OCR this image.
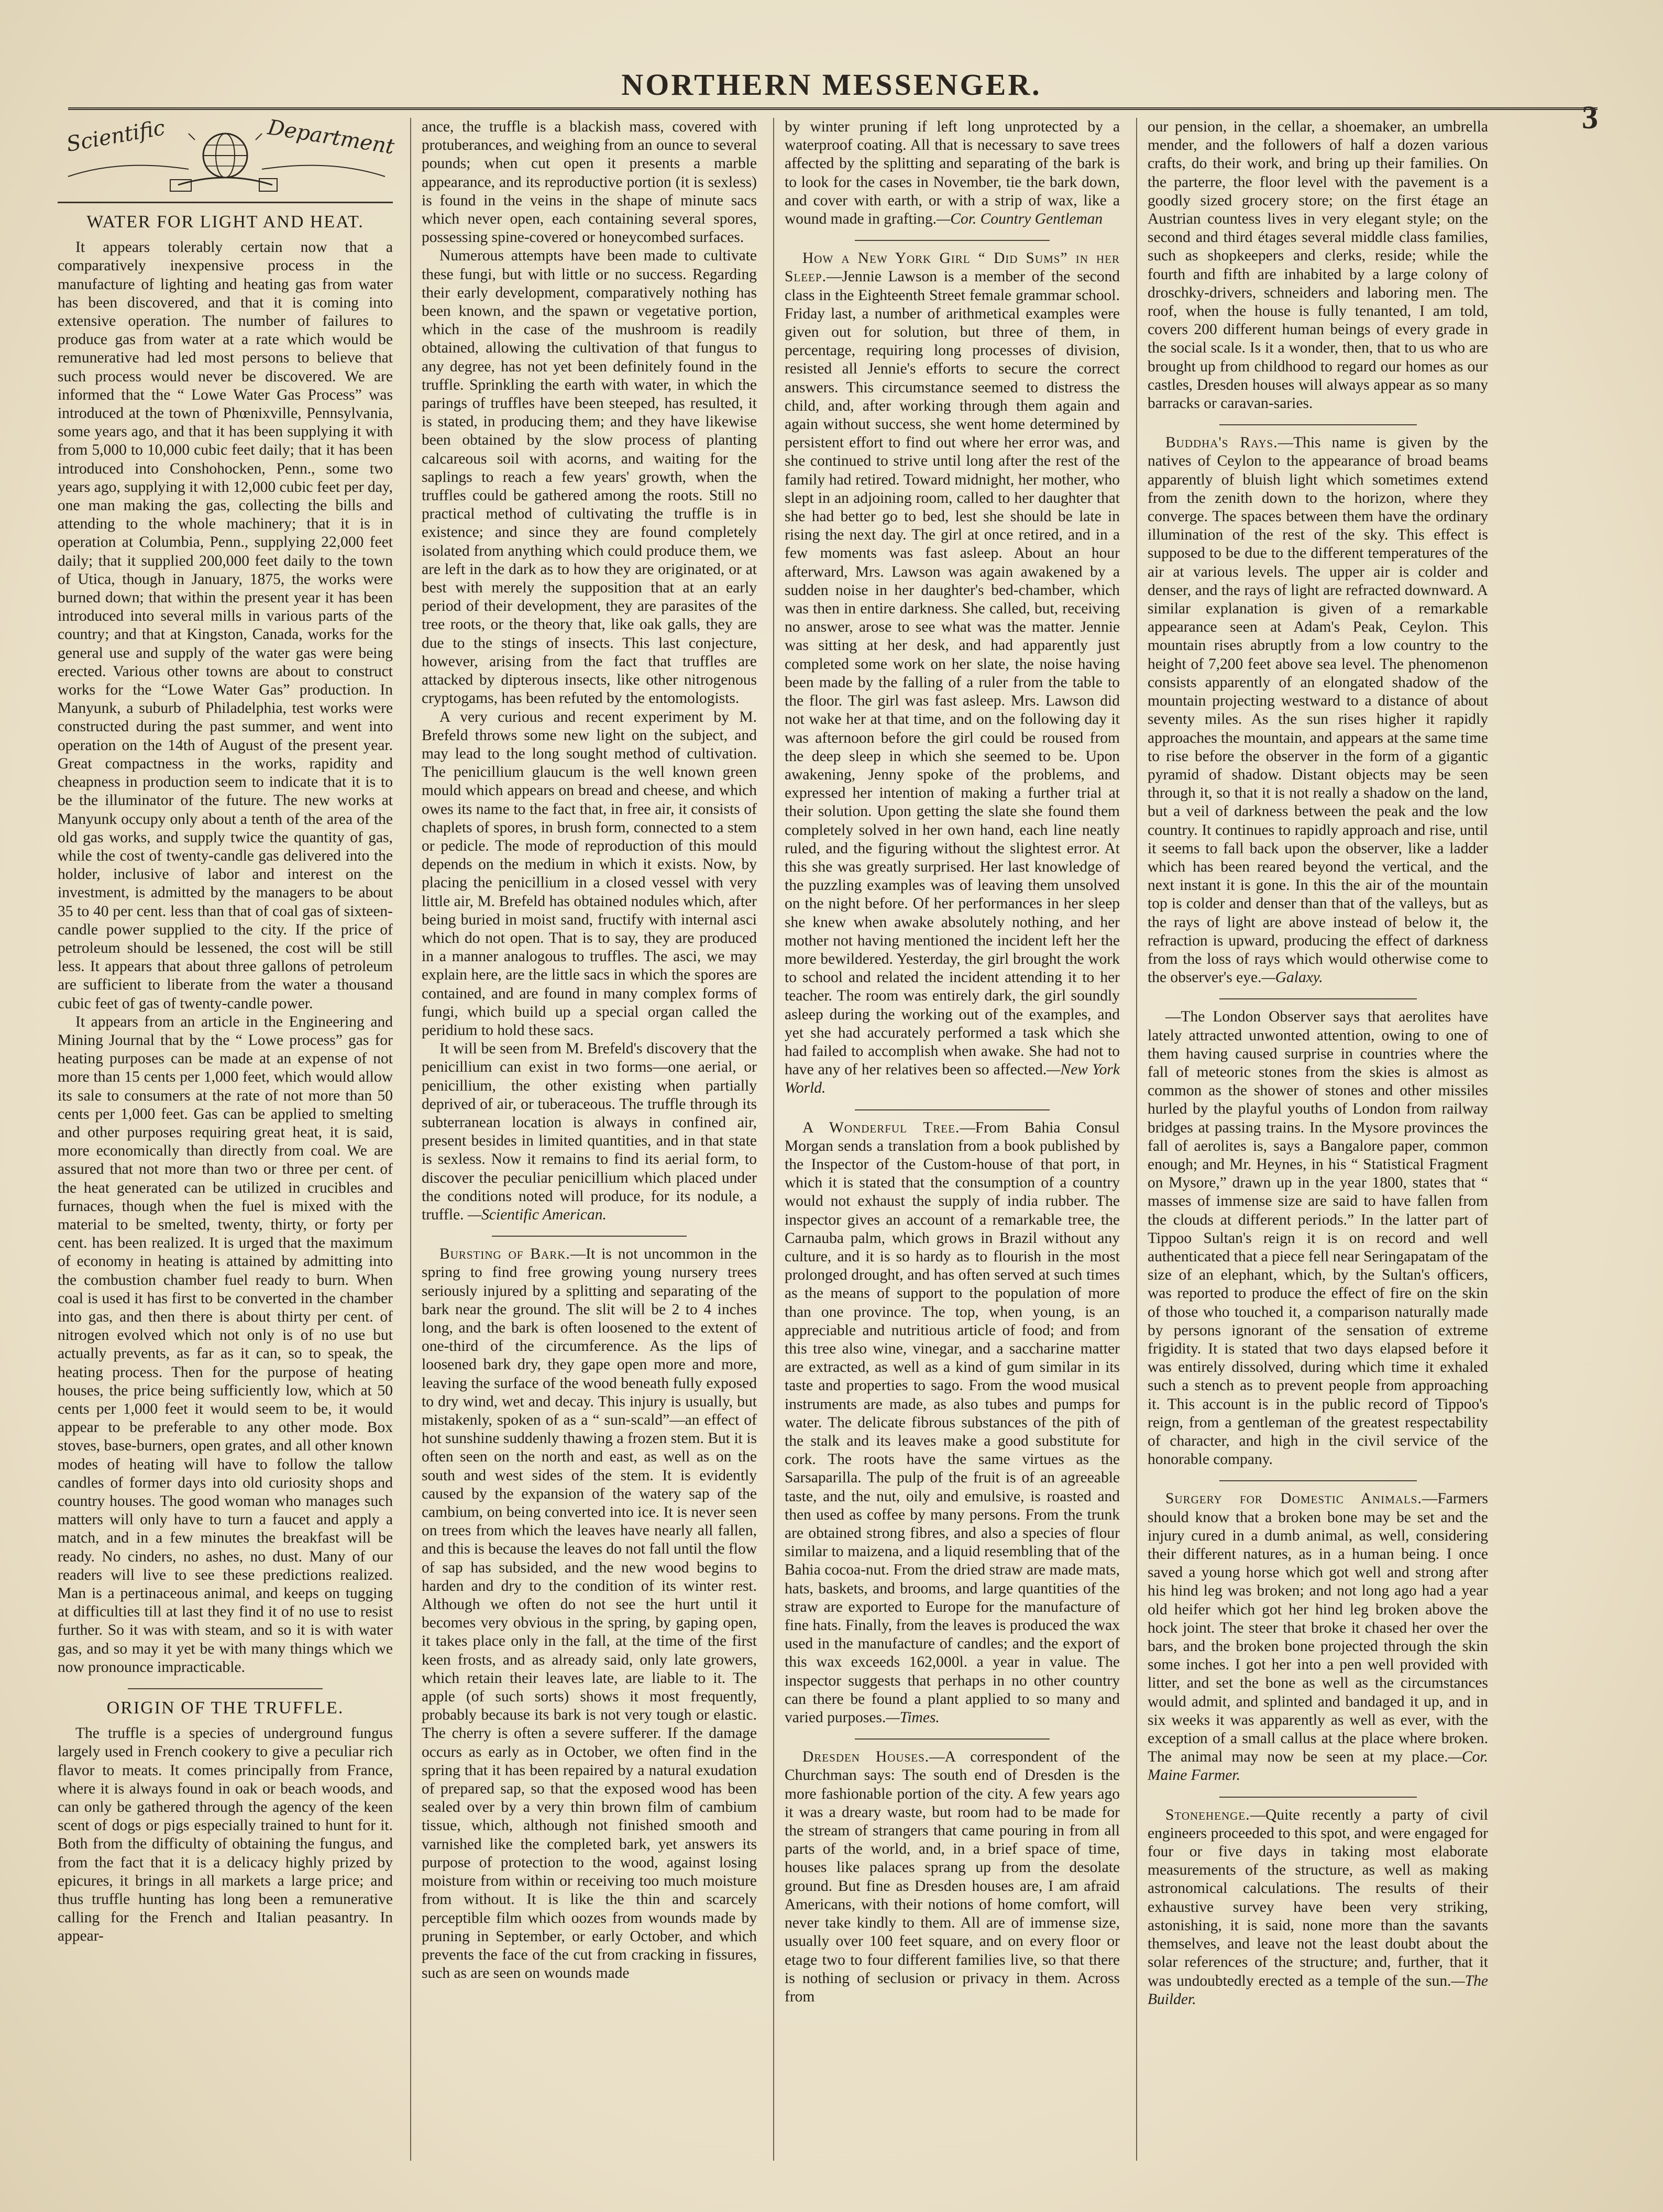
NORTHERN MESSENGER.
3
Scientific	Department
WATER FOR LIGHT AND HEAT.

It appears tolerably certain now that a comparatively inexpensive process in the manufacture of lighting and heating gas from water has been discovered, and that it is coming into extensive operation. The number of failures to produce gas from water at a rate which would be remunerative had led most persons to believe that such process would never be discovered. We are informed that the “ Lowe Water Gas Process” was introduced at the town of Phœnixville, Pennsylvania, some years ago, and that it has been supplying it with from 5,000 to 10,000 cubic feet daily; that it has been introduced into Conshohocken, Penn., some two years ago, supplying it with 12,000 cubic feet per day, one man making the gas, collecting the bills and attending to the whole machinery; that it is in operation at Columbia, Penn., supplying 22,000 feet daily; that it supplied 200,000 feet daily to the town of Utica, though in January, 1875, the works were burned down; that within the present year it has been introduced into several mills in various parts of the country; and that at Kingston, Canada, works for the general use and supply of the water gas were being erected. Various other towns are about to construct works for the “Lowe Water Gas” production. In Manyunk, a suburb of Philadelphia, test works were constructed during the past summer, and went into operation on the 14th of August of the present year. Great compactness in the works, rapidity and cheapness in production seem to indicate that it is to be the illuminator of the future. The new works at Manyunk occupy only about a tenth of the area of the old gas works, and supply twice the quantity of gas, while the cost of twenty-candle gas delivered into the holder, inclusive of labor and interest on the investment, is admitted by the managers to be about 35 to 40 per cent. less than that of coal gas of sixteen-candle power supplied to the city. If the price of petroleum should be lessened, the cost will be still less. It appears that about three gallons of petroleum are sufficient to liberate from the water a thousand cubic feet of gas of twenty-candle power.

It appears from an article in the Engineering and Mining Journal that by the “ Lowe process” gas for heating purposes can be made at an expense of not more than 15 cents per 1,000 feet, which would allow its sale to consumers at the rate of not more than 50 cents per 1,000 feet. Gas can be applied to smelting and other purposes requiring great heat, it is said, more economically than directly from coal. We are assured that not more than two or three per cent. of the heat generated can be utilized in crucibles and furnaces, though when the fuel is mixed with the material to be smelted, twenty, thirty, or forty per cent. has been realized. It is urged that the maximum of economy in heating is attained by admitting into the combustion chamber fuel ready to burn. When coal is used it has first to be converted in the chamber into gas, and then there is about thirty per cent. of nitrogen evolved which not only is of no use but actually prevents, as far as it can, so to speak, the heating process. Then for the purpose of heating houses, the price being sufficiently low, which at 50 cents per 1,000 feet it would seem to be, it would appear to be preferable to any other mode. Box stoves, base-burners, open grates, and all other known modes of heating will have to follow the tallow candles of former days into old curiosity shops and country houses. The good woman who manages such matters will only have to turn a faucet and apply a match, and in a few minutes the breakfast will be ready. No cinders, no ashes, no dust. Many of our readers will live to see these predictions realized. Man is a pertinaceous animal, and keeps on tugging at difficulties till at last they find it of no use to resist further. So it was with steam, and so it is with water gas, and so may it yet be with many things which we now pronounce impracticable.

ORIGIN OF THE TRUFFLE.

The truffle is a species of underground fungus largely used in French cookery to give a peculiar rich flavor to meats. It comes principally from France, where it is always found in oak or beach woods, and can only be gathered through the agency of the keen scent of dogs or pigs especially trained to hunt for it. Both from the difficulty of obtaining the fungus, and from the fact that it is a delicacy highly prized by epicures, it brings in all markets a large price; and thus truffle hunting has long been a remunerative calling for the French and Italian peasantry. In appear-

ance, the truffle is a blackish mass, covered with protuberances, and weighing from an ounce to several pounds; when cut open it presents a marble appearance, and its reproductive portion (it is sexless) is found in the veins in the shape of minute sacs which never open, each containing several spores, possessing spine-covered or honeycombed surfaces.

Numerous attempts have been made to cultivate these fungi, but with little or no success. Regarding their early development, comparatively nothing has been known, and the spawn or vegetative portion, which in the case of the mushroom is readily obtained, allowing the cultivation of that fungus to any degree, has not yet been definitely found in the truffle. Sprinkling the earth with water, in which the parings of truffles have been steeped, has resulted, it is stated, in producing them; and they have likewise been obtained by the slow process of planting calcareous soil with acorns, and waiting for the saplings to reach a few years' growth, when the truffles could be gathered among the roots. Still no practical method of cultivating the truffle is in existence; and since they are found completely isolated from anything which could produce them, we are left in the dark as to how they are originated, or at best with merely the supposition that at an early period of their development, they are parasites of the tree roots, or the theory that, like oak galls, they are due to the stings of insects. This last conjecture, however, arising from the fact that truffles are attacked by dipterous insects, like other nitrogenous cryptogams, has been refuted by the entomologists.

A very curious and recent experiment by M. Brefeld throws some new light on the subject, and may lead to the long sought method of cultivation. The penicillium glaucum is the well known green mould which appears on bread and cheese, and which owes its name to the fact that, in free air, it consists of chaplets of spores, in brush form, connected to a stem or pedicle. The mode of reproduction of this mould depends on the medium in which it exists. Now, by placing the penicillium in a closed vessel with very little air, M. Brefeld has obtained nodules which, after being buried in moist sand, fructify with internal asci which do not open. That is to say, they are produced in a manner analogous to truffles. The asci, we may explain here, are the little sacs in which the spores are contained, and are found in many complex forms of fungi, which build up a special organ called the peridium to hold these sacs.

It will be seen from M. Brefeld's discovery that the penicillium can exist in two forms—one aerial, or penicillium, the other existing when partially deprived of air, or tuberaceous. The truffle through its subterranean location is always in confined air, present besides in limited quantities, and in that state is sexless. Now it remains to find its aerial form, to discover the peculiar penicillium which placed under the conditions noted will produce, for its nodule, a truffle. —Scientific American.

Bursting of Bark.—It is not uncommon in the spring to find free growing young nursery trees seriously injured by a splitting and separating of the bark near the ground. The slit will be 2 to 4 inches long, and the bark is often loosened to the extent of one-third of the circumference. As the lips of loosened bark dry, they gape open more and more, leaving the surface of the wood beneath fully exposed to dry wind, wet and decay. This injury is usually, but mistakenly, spoken of as a “ sun-scald”—an effect of hot sunshine suddenly thawing a frozen stem. But it is often seen on the north and east, as well as on the south and west sides of the stem. It is evidently caused by the expansion of the watery sap of the cambium, on being converted into ice. It is never seen on trees from which the leaves have nearly all fallen, and this is because the leaves do not fall until the flow of sap has subsided, and the new wood begins to harden and dry to the condition of its winter rest. Although we often do not see the hurt until it becomes very obvious in the spring, by gaping open, it takes place only in the fall, at the time of the first keen frosts, and as already said, only late growers, which retain their leaves late, are liable to it. The apple (of such sorts) shows it most frequently, probably because its bark is not very tough or elastic. The cherry is often a severe sufferer. If the damage occurs as early as in October, we often find in the spring that it has been repaired by a natural exudation of prepared sap, so that the exposed wood has been sealed over by a very thin brown film of cambium tissue, which, although not finished smooth and varnished like the completed bark, yet answers its purpose of protection to the wood, against losing moisture from within or receiving too much moisture from without. It is like the thin and scarcely perceptible film which oozes from wounds made by pruning in September, or early October, and which prevents the face of the cut from cracking in fissures, such as are seen on wounds made

by winter pruning if left long unprotected by a waterproof coating. All that is necessary to save trees affected by the splitting and separating of the bark is to look for the cases in November, tie the bark down, and cover with earth, or with a strip of wax, like a wound made in grafting.—Cor. Country Gentleman

How a New York Girl “ Did Sums” in her Sleep.—Jennie Lawson is a member of the second class in the Eighteenth Street female grammar school. Friday last, a number of arithmetical examples were given out for solution, but three of them, in percentage, requiring long processes of division, resisted all Jennie's efforts to secure the correct answers. This circumstance seemed to distress the child, and, after working through them again and again without success, she went home determined by persistent effort to find out where her error was, and she continued to strive until long after the rest of the family had retired. Toward midnight, her mother, who slept in an adjoining room, called to her daughter that she had better go to bed, lest she should be late in rising the next day. The girl at once retired, and in a few moments was fast asleep. About an hour afterward, Mrs. Lawson was again awakened by a sudden noise in her daughter's bed-chamber, which was then in entire darkness. She called, but, receiving no answer, arose to see what was the matter. Jennie was sitting at her desk, and had apparently just completed some work on her slate, the noise having been made by the falling of a ruler from the table to the floor. The girl was fast asleep. Mrs. Lawson did not wake her at that time, and on the following day it was afternoon before the girl could be roused from the deep sleep in which she seemed to be. Upon awakening, Jenny spoke of the problems, and expressed her intention of making a further trial at their solution. Upon getting the slate she found them completely solved in her own hand, each line neatly ruled, and the figuring without the slightest error. At this she was greatly surprised. Her last knowledge of the puzzling examples was of leaving them unsolved on the night before. Of her performances in her sleep she knew when awake absolutely nothing, and her mother not having mentioned the incident left her the more bewildered. Yesterday, the girl brought the work to school and related the incident attending it to her teacher. The room was entirely dark, the girl soundly asleep during the working out of the examples, and yet she had accurately performed a task which she had failed to accomplish when awake. She had not to have any of her relatives been so affected.—New York World.

A Wonderful Tree.—From Bahia Consul Morgan sends a translation from a book published by the Inspector of the Custom-house of that port, in which it is stated that the consumption of a country would not exhaust the supply of india rubber. The inspector gives an account of a remarkable tree, the Carnauba palm, which grows in Brazil without any culture, and it is so hardy as to flourish in the most prolonged drought, and has often served at such times as the means of support to the population of more than one province. The top, when young, is an appreciable and nutritious article of food; and from this tree also wine, vinegar, and a saccharine matter are extracted, as well as a kind of gum similar in its taste and properties to sago. From the wood musical instruments are made, as also tubes and pumps for water. The delicate fibrous substances of the pith of the stalk and its leaves make a good substitute for cork. The roots have the same virtues as the Sarsaparilla. The pulp of the fruit is of an agreeable taste, and the nut, oily and emulsive, is roasted and then used as coffee by many persons. From the trunk are obtained strong fibres, and also a species of flour similar to maizena, and a liquid resembling that of the Bahia cocoa-nut. From the dried straw are made mats, hats, baskets, and brooms, and large quantities of the straw are exported to Europe for the manufacture of fine hats. Finally, from the leaves is produced the wax used in the manufacture of candles; and the export of this wax exceeds 162,000l. a year in value. The inspector suggests that perhaps in no other country can there be found a plant applied to so many and varied purposes.—Times.

Dresden Houses.—A correspondent of the Churchman says: The south end of Dresden is the more fashionable portion of the city. A few years ago it was a dreary waste, but room had to be made for the stream of strangers that came pouring in from all parts of the world, and, in a brief space of time, houses like palaces sprang up from the desolate ground. But fine as Dresden houses are, I am afraid Americans, with their notions of home comfort, will never take kindly to them. All are of immense size, usually over 100 feet square, and on every floor or etage two to four different families live, so that there is nothing of seclusion or privacy in them. Across from

our pension, in the cellar, a shoemaker, an umbrella mender, and the followers of half a dozen various crafts, do their work, and bring up their families. On the parterre, the floor level with the pavement is a goodly sized grocery store; on the first étage an Austrian countess lives in very elegant style; on the second and third étages several middle class families, such as shopkeepers and clerks, reside; while the fourth and fifth are inhabited by a large colony of droschky-drivers, schneiders and laboring men. The roof, when the house is fully tenanted, I am told, covers 200 different human beings of every grade in the social scale. Is it a wonder, then, that to us who are brought up from childhood to regard our homes as our castles, Dresden houses will always appear as so many barracks or caravan-saries.

Buddha's Rays.—This name is given by the natives of Ceylon to the appearance of broad beams apparently of bluish light which sometimes extend from the zenith down to the horizon, where they converge. The spaces between them have the ordinary illumination of the rest of the sky. This effect is supposed to be due to the different temperatures of the air at various levels. The upper air is colder and denser, and the rays of light are refracted downward. A similar explanation is given of a remarkable appearance seen at Adam's Peak, Ceylon. This mountain rises abruptly from a low country to the height of 7,200 feet above sea level. The phenomenon consists apparently of an elongated shadow of the mountain projecting westward to a distance of about seventy miles. As the sun rises higher it rapidly approaches the mountain, and appears at the same time to rise before the observer in the form of a gigantic pyramid of shadow. Distant objects may be seen through it, so that it is not really a shadow on the land, but a veil of darkness between the peak and the low country. It continues to rapidly approach and rise, until it seems to fall back upon the observer, like a ladder which has been reared beyond the vertical, and the next instant it is gone. In this the air of the mountain top is colder and denser than that of the valleys, but as the rays of light are above instead of below it, the refraction is upward, producing the effect of darkness from the loss of rays which would otherwise come to the observer's eye.—Galaxy.

—The London Observer says that aerolites have lately attracted unwonted attention, owing to one of them having caused surprise in countries where the fall of meteoric stones from the skies is almost as common as the shower of stones and other missiles hurled by the playful youths of London from railway bridges at passing trains. In the Mysore provinces the fall of aerolites is, says a Bangalore paper, common enough; and Mr. Heynes, in his “ Statistical Fragment on Mysore,” drawn up in the year 1800, states that “ masses of immense size are said to have fallen from the clouds at different periods.” In the latter part of Tippoo Sultan's reign it is on record and well authenticated that a piece fell near Seringapatam of the size of an elephant, which, by the Sultan's officers, was reported to produce the effect of fire on the skin of those who touched it, a comparison naturally made by persons ignorant of the sensation of extreme frigidity. It is stated that two days elapsed before it was entirely dissolved, during which time it exhaled such a stench as to prevent people from approaching it. This account is in the public record of Tippoo's reign, from a gentleman of the greatest respectability of character, and high in the civil service of the honorable company.

Surgery for Domestic Animals.—Farmers should know that a broken bone may be set and the injury cured in a dumb animal, as well, considering their different natures, as in a human being. I once saved a young horse which got well and strong after his hind leg was broken; and not long ago had a year old heifer which got her hind leg broken above the hock joint. The steer that broke it chased her over the bars, and the broken bone projected through the skin some inches. I got her into a pen well provided with litter, and set the bone as well as the circumstances would admit, and splinted and bandaged it up, and in six weeks it was apparently as well as ever, with the exception of a small callus at the place where broken. The animal may now be seen at my place.—Cor. Maine Farmer.

Stonehenge.—Quite recently a party of civil engineers proceeded to this spot, and were engaged for four or five days in taking most elaborate measurements of the structure, as well as making astronomical calculations. The results of their exhaustive survey have been very striking, astonishing, it is said, none more than the savants themselves, and leave not the least doubt about the solar references of the structure; and, further, that it was undoubtedly erected as a temple of the sun.—The Builder.
